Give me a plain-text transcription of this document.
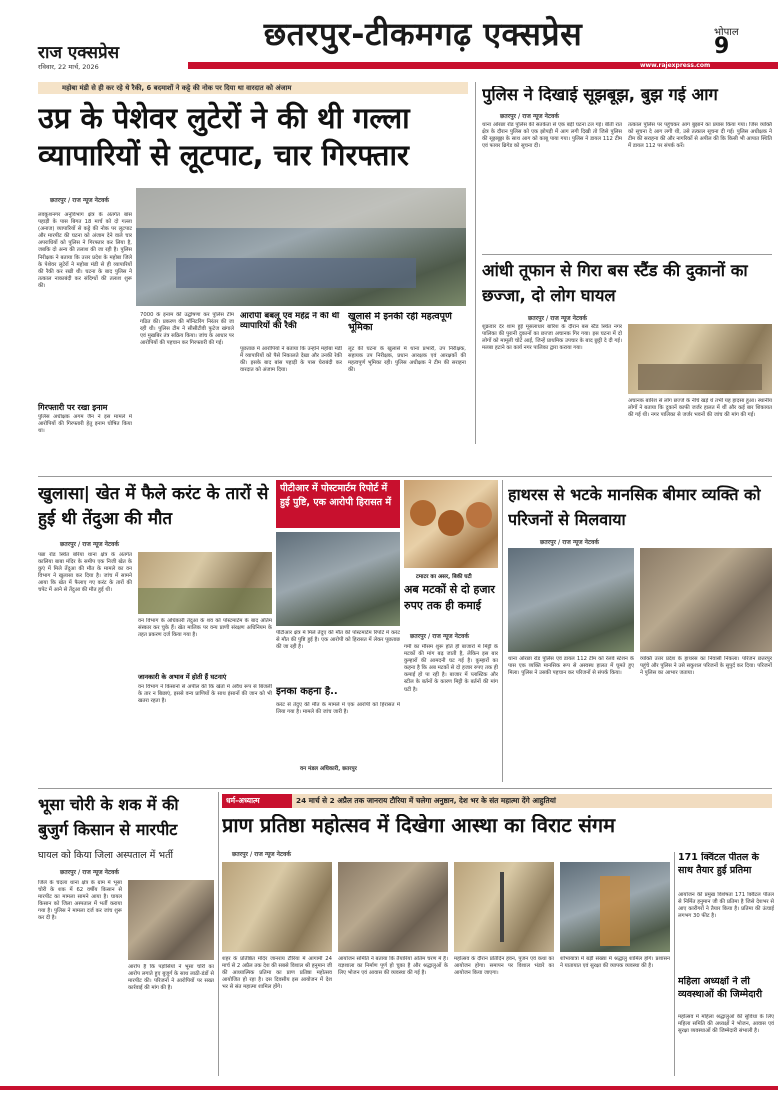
राज एक्सप्रेस
रविवार, 22 मार्च, 2026
छतरपुर-टीकमगढ़ एक्सप्रेस	भोपाल
9
www.rajexpress.com
महोबा मंडी से ही कर रहे थे रैकी, 6 बदमाशों ने कट्टे की नोक पर दिया था वारदात को अंजाम
उप्र के पेशेवर लुटेरों ने की थी गल्ला व्यापारियों से लूटपाट, चार गिरफ्तार
छतरपुर / राज न्यूज नेटवर्क
लवकुशनगर अनुविभाग क्षेत्र के अंतर्गत बांस पहाड़ी के पास बिगत 18 मार्च को दो गल्ला (अनाज) व्यापारियों से कट्टे की नोक पर लूटपाट और मारपीट की घटना को अंजाम देने वाले चार अपराधियों को पुलिस ने गिरफ्तार कर लिया है, जबकि दो अन्य की तलाश की जा रही है। पुलिस निरीक्षक ने बताया कि उत्तर प्रदेश के महोबा जिले के पेशेवर लुटेरों ने महोबा मंडी से ही व्यापारियों की रैकी कर रखी थी। घटना के बाद पुलिस ने तत्काल नाकाबंदी कर संदिग्धों की तलाश शुरू की।
गिरफ्तारी पर रखा इनाम
पुलिस अधीक्षक अगम जैन ने इस मामले में आरोपियों की गिरफ्तारी हेतु इनाम घोषित किया था।
7000 के इनाम की उद्घोषणा कर पुलिस टीम गठित की। प्रकरण की मॉनिटरिंग निरंतर की जा रही थी। पुलिस टीम ने सीसीटीवी फुटेज खंगाले एवं मुखबिर तंत्र सक्रिय किया। जांच के आधार पर आरोपियों की पहचान कर गिरफ्तारी की गई।
आरोपी बबलू एवं महेंद्र ने की थी व्यापारियों की रैकी
पूछताछ में आरोपियों ने बताया कि उन्होंने महोबा मंडी में व्यापारियों को पैसे निकालते देखा और उनकी रेकी की। इसके बाद बांस पहाड़ी के पास घेराबंदी कर वारदात को अंजाम दिया।
खुलासे में इनकी रही महत्वपूर्ण भूमिका
लूट की घटना के खुलासे में थाना प्रभारी, उप निरीक्षक, सहायक उप निरीक्षक, प्रधान आरक्षक एवं आरक्षकों की महत्वपूर्ण भूमिका रही। पुलिस अधीक्षक ने टीम की सराहना की।
पुलिस ने दिखाई सूझबूझ, बुझ गई आग
छतरपुर / राज न्यूज नेटवर्क
थाना ओरछा रोड पुलिस की सतर्कता से एक बड़ी घटना टल गई। बीती रात क्षेत्र के दौरान पुलिस को एक झोपड़ी में आग लगी दिखी तो जिसे पुलिस की सूझबूझ के साथ आग को काबू पाया गया। पुलिस ने डायल 112 टीम एवं फायर ब्रिगेड को सूचना दी।
तत्काल पुलिस पर पहुंचकर आग बुझाने का प्रयास किया गया। जिस व्यक्ति को सूचना दे आग लगी थी, उसे तत्काल सूचना दी गई। पुलिस अधीक्षक ने टीम की सराहना की और नागरिकों से अपील की कि किसी भी आपात स्थिति में डायल 112 पर संपर्क करें।
आंधी तूफान से गिरा बस स्टैंड की दुकानों का छज्जा, दो लोग घायल
छतरपुर / राज न्यूज नेटवर्क
शुक्रवार देर शाम हुई मूसलाधार बारिश के दौरान बस स्टैंड स्थित नगर पालिका की पुरानी दुकानों का छज्जा अचानक गिर गया। इस घटना में दो लोगों को मामूली चोटें आईं, जिन्हें प्राथमिक उपचार के बाद छुट्टी दे दी गई। मलबा हटाने का कार्य नगर पालिका द्वारा कराया गया।
अचानक बारिश से लोग छज्जे के नीचे खड़े थे तभी यह हादसा हुआ। स्थानीय लोगों ने बताया कि दुकानें काफी जर्जर हालत में थीं और कई बार शिकायत की गई थी। नगर पालिका से जर्जर भवनों की जांच की मांग की गई।
खुलासा| खेत में फैले करंट के तारों से हुई थी तेंदुआ की मौत
छतरपुर / राज न्यूज नेटवर्क
पन्ना रोड स्थित बरिया थाना क्षेत्र के अंतर्गत कालिया बाबा मंदिर के समीप एक निजी खेत के कुएं में मिले तेंदुआ की मौत के मामले का वन विभाग ने खुलासा कर दिया है। जांच में सामने आया कि खेत में फैलाए गए करंट के तारों की चपेट में आने से तेंदुआ की मौत हुई थी।
वन विभाग के अधिकारी तेंदुआ के शव को पोस्टमार्टम के बाद अंतिम संस्कार कर चुके हैं। खेत मालिक पर वन्य प्राणी संरक्षण अधिनियम के तहत प्रकरण दर्ज किया गया है।
जानकारी के अभाव में होती हैं घटनाएं
वन विभाग ने किसानों से अपील की कि खेतों में अवैध रूप से बिजली के तार न बिछाएं, इससे वन्य प्राणियों के साथ इंसानों की जान को भी खतरा रहता है।
पीटीआर में पोस्टमार्टम रिपोर्ट में हुई पुष्टि, एक आरोपी हिरासत में
पीटीआर क्षेत्र में मिले तेंदुए की मौत की पोस्टमार्टम रिपोर्ट में करंट से मौत की पुष्टि हुई है। एक आरोपी को हिरासत में लेकर पूछताछ की जा रही है।
इनका कहना है..
करंट से तेंदुए की मौत के मामले में एक आरोपी को हिरासत में लिया गया है। मामले की जांच जारी है।
वन मंडल अधिकारी, छतरपुर
टमाटर का असर, बिकी घटी
अब मटकों से दो हजार रुपए तक ही कमाई
छतरपुर / राज न्यूज नेटवर्क
गर्मी का मौसम शुरू होते ही बाजारों में मिट्टी के मटकों की मांग बढ़ जाती है, लेकिन इस बार कुम्हारों की आमदनी घट गई है। कुम्हारों का कहना है कि अब मटकों से दो हजार रुपए तक ही कमाई हो पा रही है। बाजार में प्लास्टिक और स्टील के बर्तनों के कारण मिट्टी के बर्तनों की मांग घटी है।
हाथरस से भटके मानसिक बीमार व्यक्ति को परिजनों से मिलवाया
छतरपुर / राज न्यूज नेटवर्क
थाना ओरछा रोड पुलिस एवं डायल 112 टीम को रेलवे स्टेशन के पास एक व्यक्ति मानसिक रूप से अस्वस्थ हालत में घूमते हुए मिला। पुलिस ने उसकी पहचान कर परिजनों से संपर्क किया।
व्यक्ति उत्तर प्रदेश के हाथरस का निवासी निकला। परिजन छतरपुर पहुंचे और पुलिस ने उसे सकुशल परिजनों के सुपुर्द कर दिया। परिजनों ने पुलिस का आभार जताया।
भूसा चोरी के शक में की बुजुर्ग किसान से मारपीट
घायल को किया जिला अस्पताल में भर्ती
छतरपुर / राज न्यूज नेटवर्क
जिले के चंदला थाना क्षेत्र के ग्राम में भूसा चोरी के शक में 62 वर्षीय किसान से मारपीट का मामला सामने आया है। घायल किसान को जिला अस्पताल में भर्ती कराया गया है। पुलिस ने मामला दर्ज कर जांच शुरू कर दी है।
आरोप है कि पड़ोसियों ने भूसा चोरी का आरोप लगाते हुए बुजुर्ग के साथ लाठी-डंडों से मारपीट की। परिजनों ने आरोपियों पर सख्त कार्रवाई की मांग की है।
धर्म-अध्यात्म	24 मार्च से 2 अप्रैल तक जानराय टौरिया में चलेगा अनुष्ठान, देश भर के संत महात्मा देंगे आहुतियां
प्राण प्रतिष्ठा महोत्सव में दिखेगा आस्था का विराट संगम
छतरपुर / राज न्यूज नेटवर्क
शहर के प्रतिष्ठित मंदिर जानराय टौरिया में आगामी 24 मार्च से 2 अप्रैल तक देश की सबसे विशाल श्री हनुमान जी की आध्यात्मिक प्रतिमा का प्राण प्रतिष्ठा महोत्सव आयोजित हो रहा है। दस दिवसीय इस आयोजन में देश भर से संत महात्मा शामिल होंगे।
आयोजन समिति ने बताया कि तैयारियां अंतिम चरण में हैं। यज्ञशाला का निर्माण पूर्ण हो चुका है और श्रद्धालुओं के लिए भोजन एवं आवास की व्यवस्था की गई है।
महोत्सव के दौरान प्रतिदिन हवन, पूजन एवं कथा का आयोजन होगा। समापन पर विशाल भंडारे का आयोजन किया जाएगा।
शोभायात्रा में बड़ी संख्या में श्रद्धालु शामिल होंगे। प्रशासन ने यातायात एवं सुरक्षा की व्यापक व्यवस्था की है।
171 क्विंटल पीतल के साथ तैयार हुई प्रतिमा
आयोजन की प्रमुख विशेषता 171 क्विंटल पीतल से निर्मित हनुमान जी की प्रतिमा है जिसे देशभर से आए कारीगरों ने तैयार किया है। प्रतिमा की ऊंचाई लगभग 30 फीट है।
महिला अध्यक्षों ने ली व्यवस्थाओं की जिम्मेदारी
महोत्सव में महिला श्रद्धालुओं की सुविधा के लिए महिला समिति की अध्यक्षों ने भोजन, आवास एवं सुरक्षा व्यवस्थाओं की जिम्मेदारी संभाली है।
